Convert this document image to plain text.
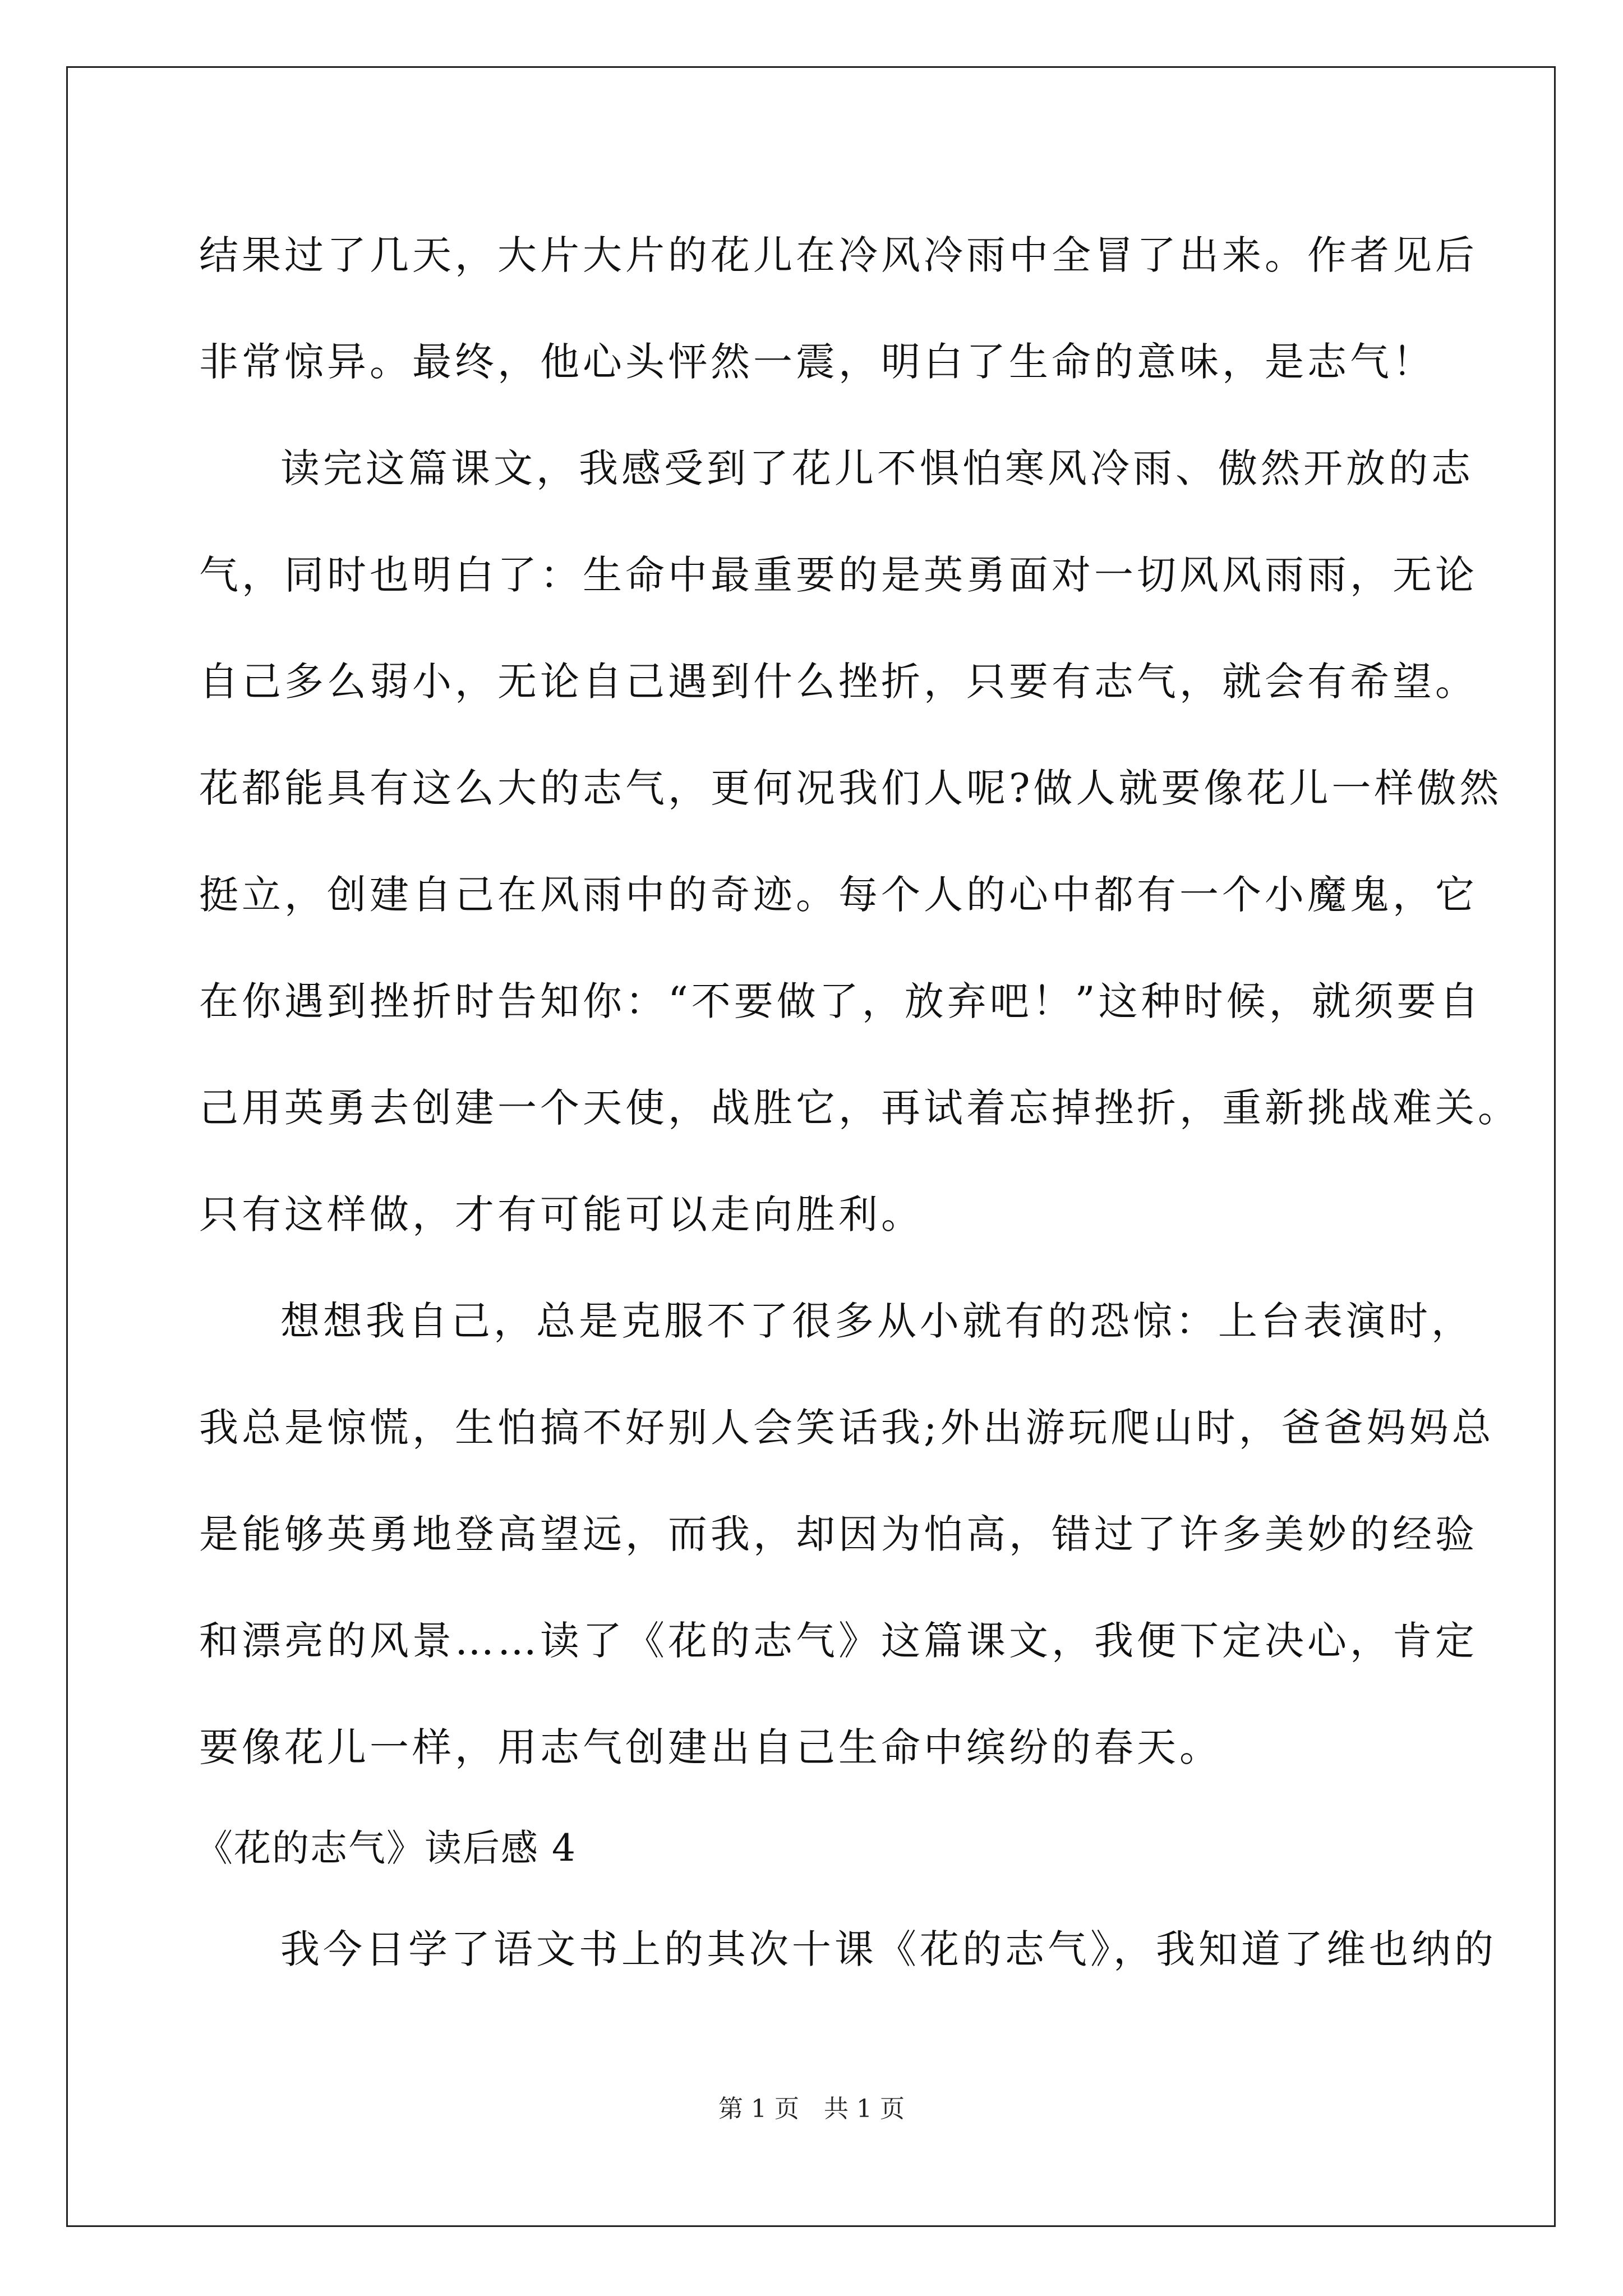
结果过了几天，大片大片的花儿在冷风冷雨中全冒了出来。作者见后
非常惊异。最终，他心头怦然一震，明白了生命的意味，是志气！
读完这篇课文，我感受到了花儿不惧怕寒风冷雨、傲然开放的志
气，同时也明白了：生命中最重要的是英勇面对一切风风雨雨，无论
自己多么弱小，无论自己遇到什么挫折，只要有志气，就会有希望。
花都能具有这么大的志气，更何况我们人呢?做人就要像花儿一样傲然
挺立，创建自己在风雨中的奇迹。每个人的心中都有一个小魔鬼，它
在你遇到挫折时告知你：“不要做了，放弃吧！”这种时候，就须要自
己用英勇去创建一个天使，战胜它，再试着忘掉挫折，重新挑战难关。
只有这样做，才有可能可以走向胜利。
想想我自己，总是克服不了很多从小就有的恐惊：上台表演时，
我总是惊慌，生怕搞不好别人会笑话我;外出游玩爬山时，爸爸妈妈总
是能够英勇地登高望远，而我，却因为怕高，错过了许多美妙的经验
和漂亮的风景……读了《花的志气》这篇课文，我便下定决心，肯定
要像花儿一样，用志气创建出自己生命中缤纷的春天。
《花的志气》读后感 4
我今日学了语文书上的其次十课《花的志气》，我知道了维也纳的
第 1 页　共 1 页
